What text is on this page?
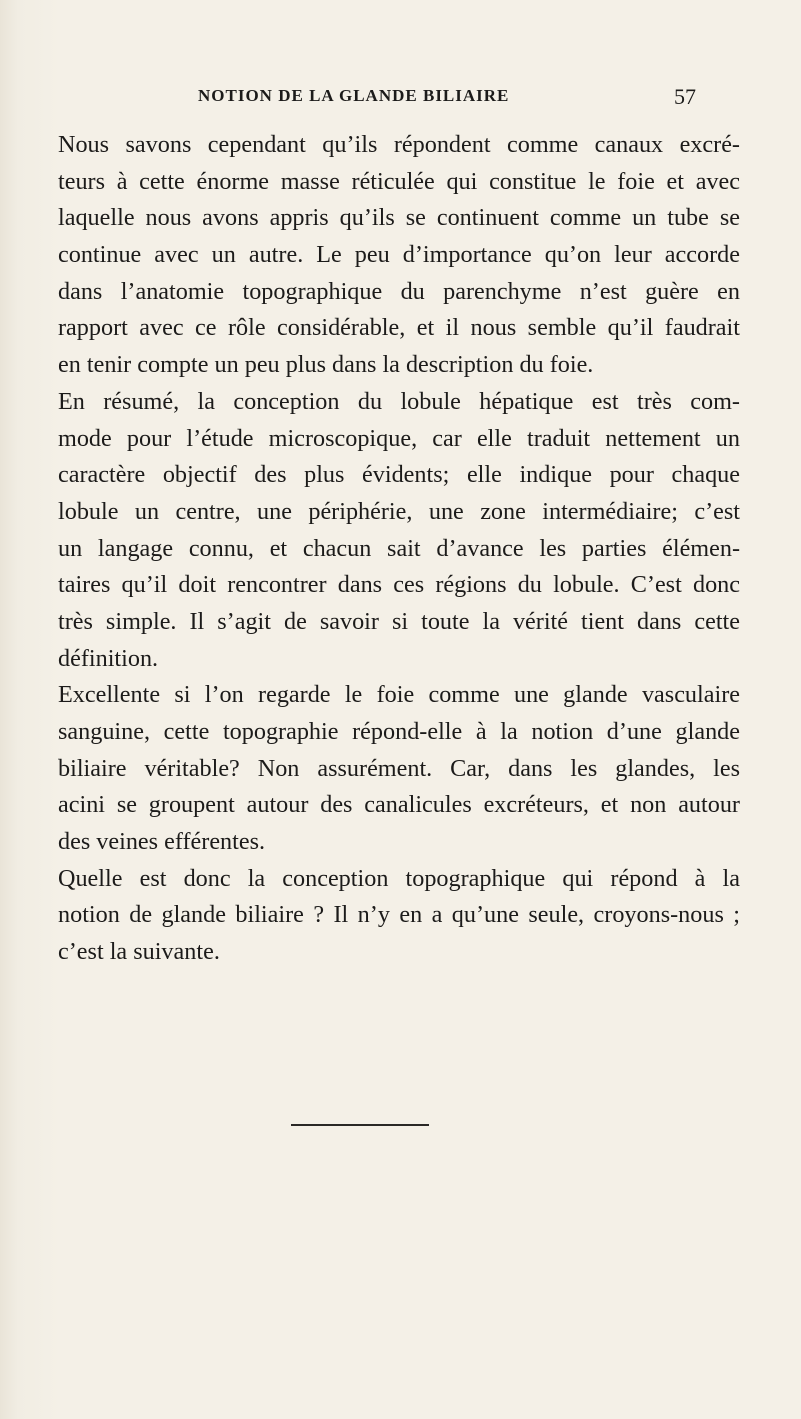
NOTION DE LA GLANDE BILIAIRE	57
Nous savons cependant qu’ils répondent comme canaux excré-
teurs à cette énorme masse réticulée qui constitue le foie et avec
laquelle nous avons appris qu’ils se continuent comme un tube se
continue avec un autre. Le peu d’importance qu’on leur accorde
dans l’anatomie topographique du parenchyme n’est guère en
rapport avec ce rôle considérable, et il nous semble qu’il faudrait
en tenir compte un peu plus dans la description du foie.
En résumé, la conception du lobule hépatique est très com-
mode pour l’étude microscopique, car elle traduit nettement un
caractère objectif des plus évidents; elle indique pour chaque
lobule un centre, une périphérie, une zone intermédiaire; c’est
un langage connu, et chacun sait d’avance les parties élémen-
taires qu’il doit rencontrer dans ces régions du lobule. C’est donc
très simple. Il s’agit de savoir si toute la vérité tient dans cette
définition.
Excellente si l’on regarde le foie comme une glande vasculaire
sanguine, cette topographie répond-elle à la notion d’une glande
biliaire véritable? Non assurément. Car, dans les glandes, les
acini se groupent autour des canalicules excréteurs, et non autour
des veines efférentes.
Quelle est donc la conception topographique qui répond à la
notion de glande biliaire ? Il n’y en a qu’une seule, croyons-nous ;
c’est la suivante.
